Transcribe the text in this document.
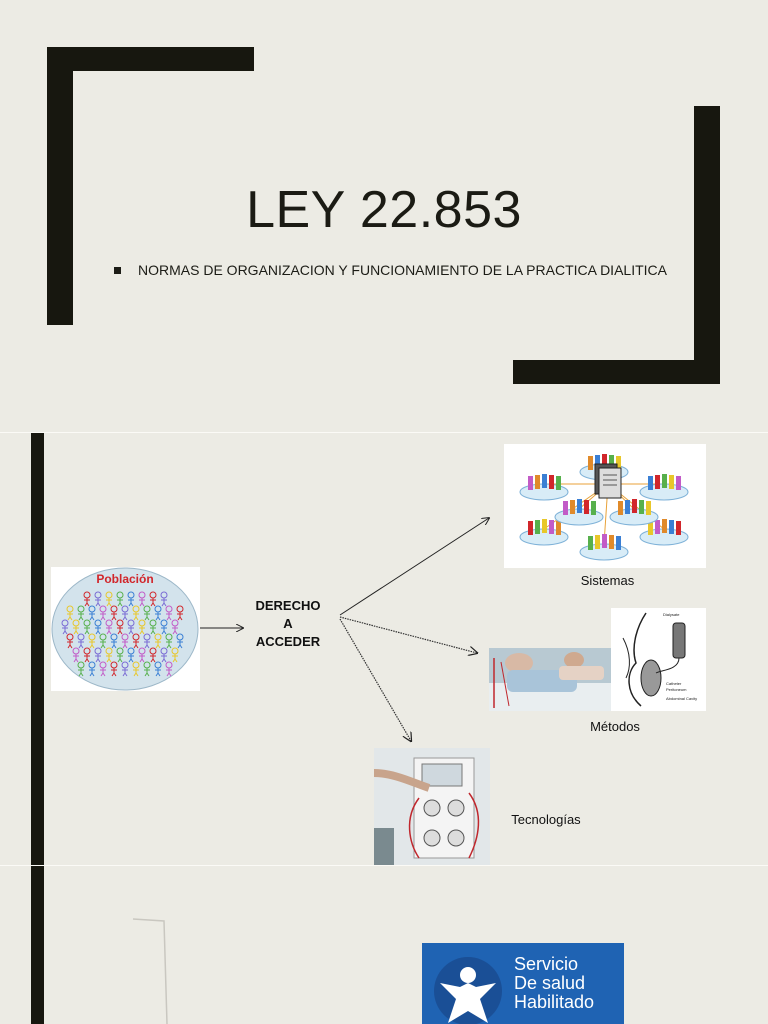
LEY 22.853
NORMAS DE ORGANIZACION Y FUNCIONAMIENTO DE LA PRACTICA DIALITICA
Población
DERECHO
A
ACCEDER
Sistemas
Dialysate
Catheter
Peritoneum
Abdominal Cavity
Métodos
Tecnologías
Servicio
De salud
Habilitado
